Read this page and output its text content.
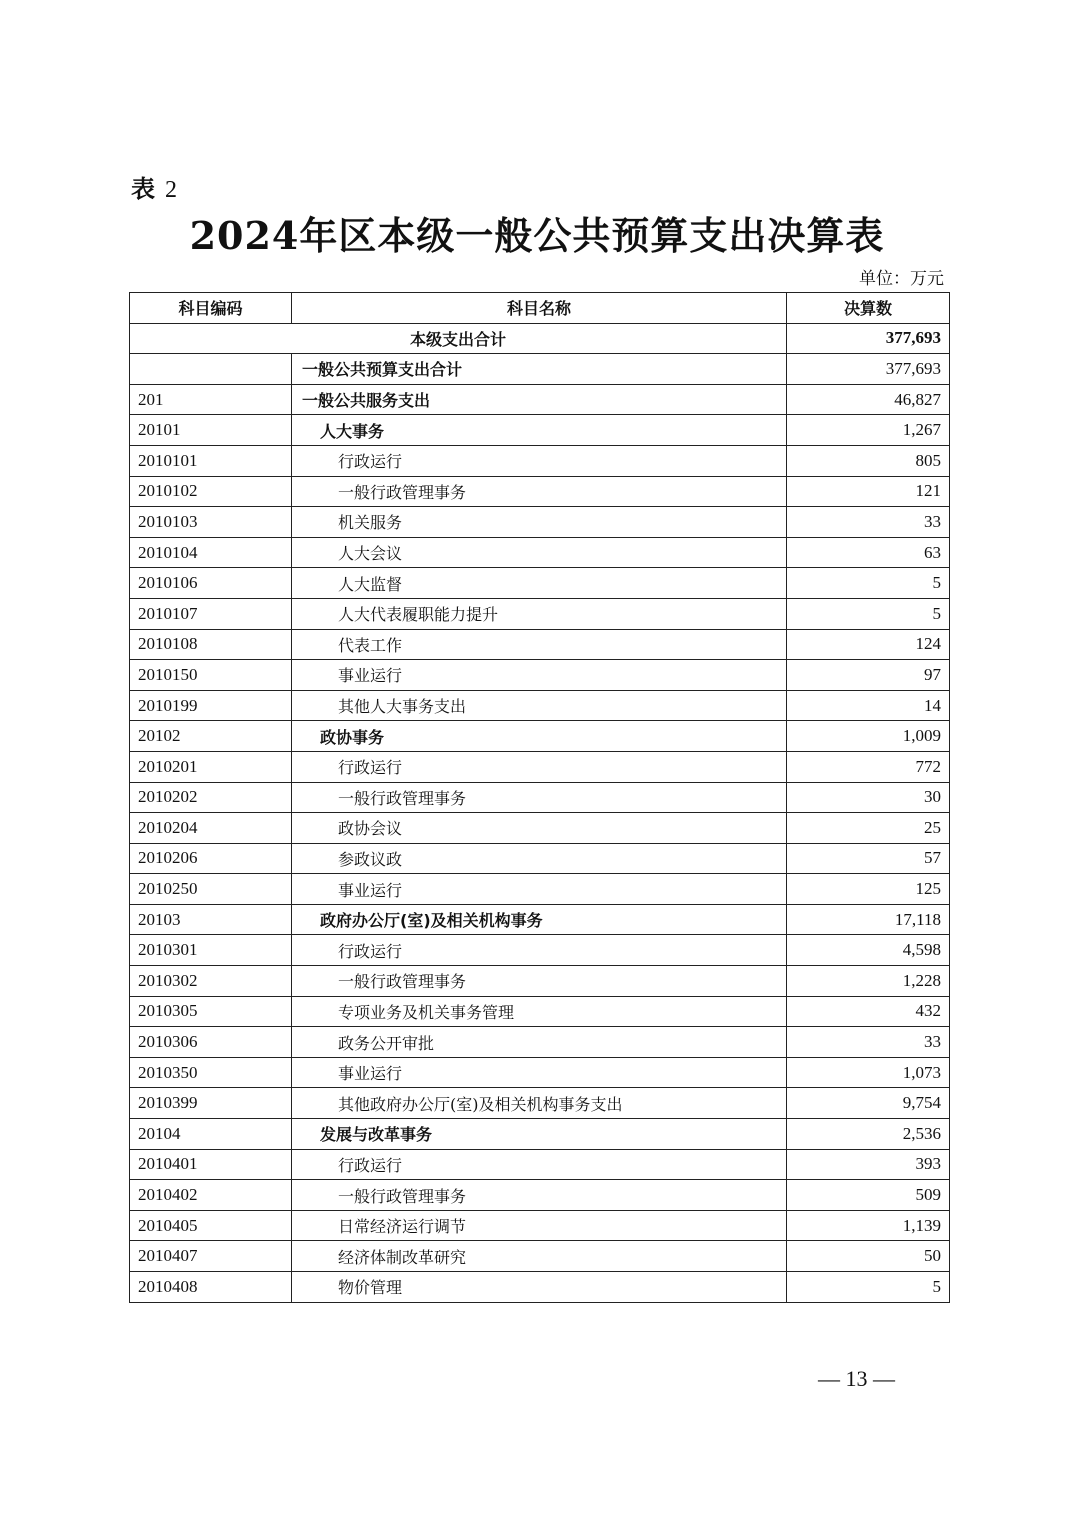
表 2
2024年区本级一般公共预算支出决算表
单位：万元
科目编码	科目名称	决算数
本级支出合计		377,693
	一般公共预算支出合计	377,693
201	一般公共服务支出	46,827
20101	人大事务	1,267
2010101	行政运行	805
2010102	一般行政管理事务	121
2010103	机关服务	33
2010104	人大会议	63
2010106	人大监督	5
2010107	人大代表履职能力提升	5
2010108	代表工作	124
2010150	事业运行	97
2010199	其他人大事务支出	14
20102	政协事务	1,009
2010201	行政运行	772
2010202	一般行政管理事务	30
2010204	政协会议	25
2010206	参政议政	57
2010250	事业运行	125
20103	政府办公厅(室)及相关机构事务	17,118
2010301	行政运行	4,598
2010302	一般行政管理事务	1,228
2010305	专项业务及机关事务管理	432
2010306	政务公开审批	33
2010350	事业运行	1,073
2010399	其他政府办公厅(室)及相关机构事务支出	9,754
20104	发展与改革事务	2,536
2010401	行政运行	393
2010402	一般行政管理事务	509
2010405	日常经济运行调节	1,139
2010407	经济体制改革研究	50
2010408	物价管理	5
— 13 —
